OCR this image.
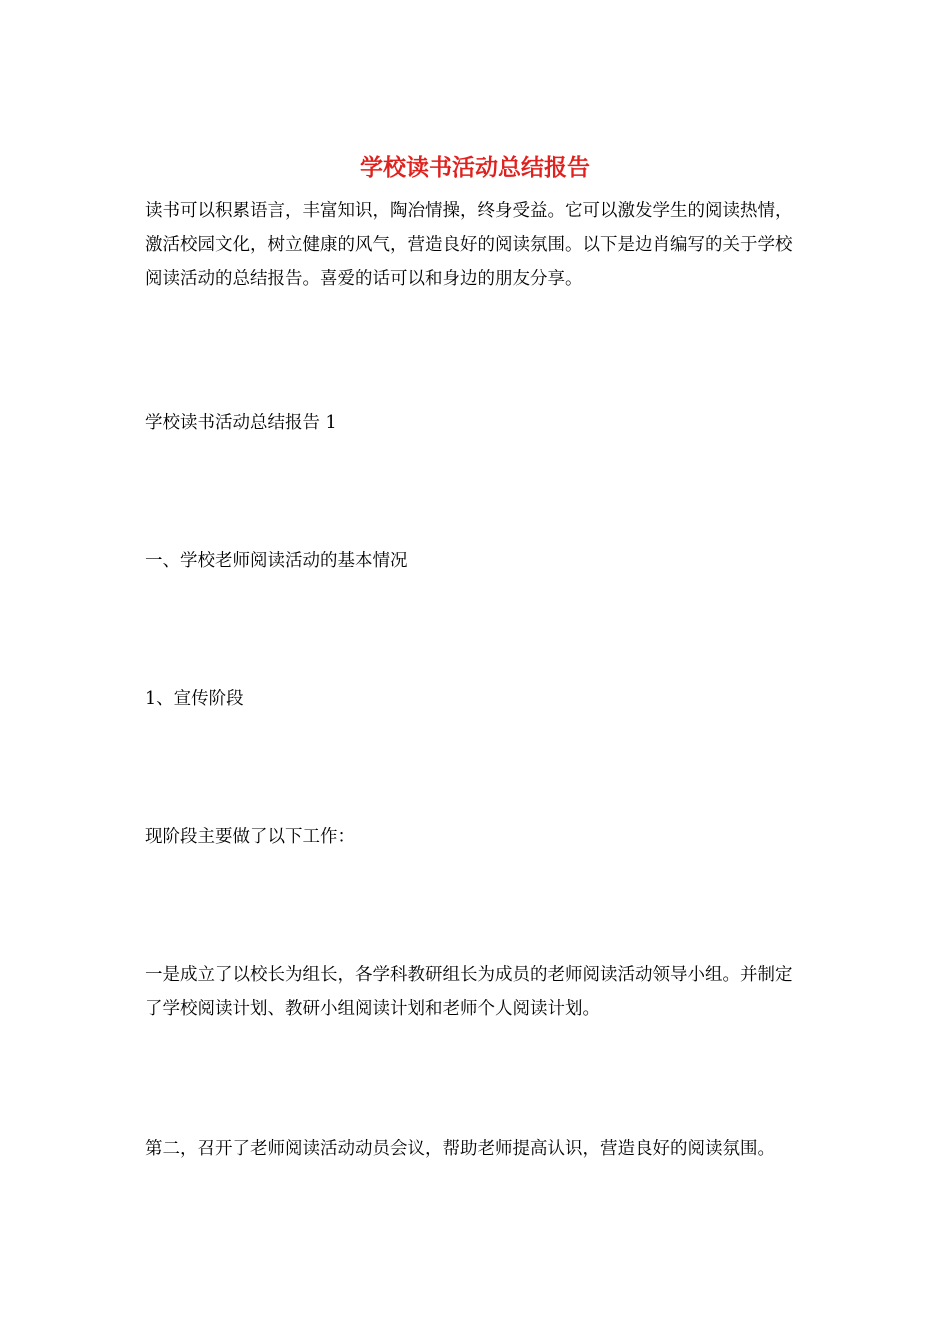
学校读书活动总结报告

读书可以积累语言，丰富知识，陶冶情操，终身受益。它可以激发学生的阅读热情，激活校园文化，树立健康的风气，营造良好的阅读氛围。以下是边肖编写的关于学校阅读活动的总结报告。喜爱的话可以和身边的朋友分享。

学校读书活动总结报告 1

一、学校老师阅读活动的基本情况

1、宣传阶段

现阶段主要做了以下工作：

一是成立了以校长为组长，各学科教研组长为成员的老师阅读活动领导小组。并制定了学校阅读计划、教研小组阅读计划和老师个人阅读计划。

第二，召开了老师阅读活动动员会议，帮助老师提高认识，营造良好的阅读氛围。
